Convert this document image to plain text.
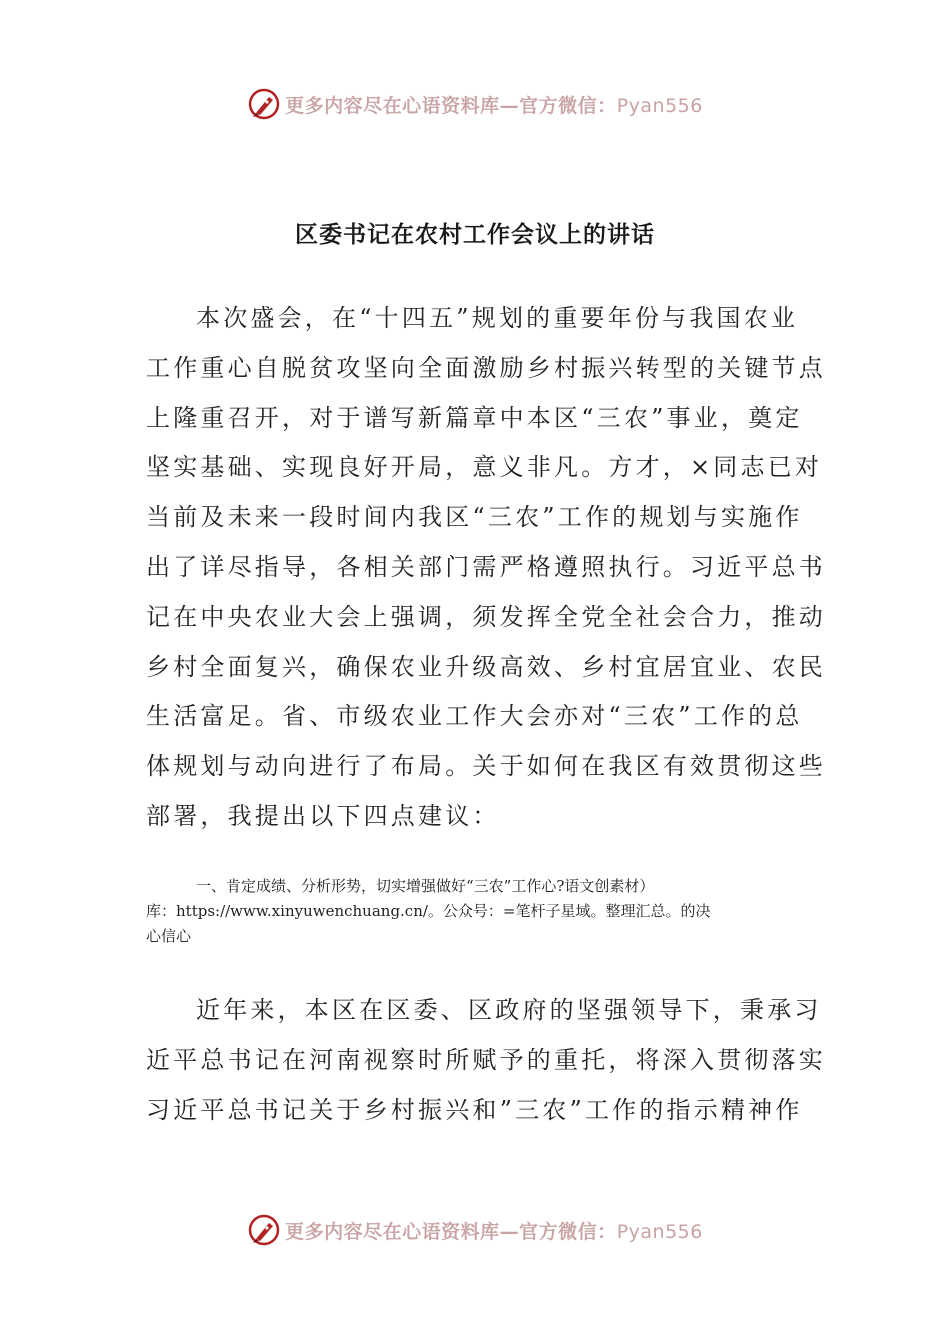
更多内容尽在心语资料库—官方微信：Pyan556
区委书记在农村工作会议上的讲话
本次盛会，在“十四五”规划的重要年份与我国农业
工作重心自脱贫攻坚向全面激励乡村振兴转型的关键节点
上隆重召开，对于谱写新篇章中本区“三农”事业，奠定
坚实基础、实现良好开局，意义非凡。方才，×同志已对
当前及未来一段时间内我区“三农”工作的规划与实施作
出了详尽指导，各相关部门需严格遵照执行。习近平总书
记在中央农业大会上强调，须发挥全党全社会合力，推动
乡村全面复兴，确保农业升级高效、乡村宜居宜业、农民
生活富足。省、市级农业工作大会亦对“三农”工作的总
体规划与动向进行了布局。关于如何在我区有效贯彻这些
部署，我提出以下四点建议：
一、肯定成绩、分析形势，切实增强做好“三农”工作心?语文创素材）
库：https://www.xinyuwenchuang.cn/。公众号：=笔杆子星域。整理汇总。的决
心信心
近年来，本区在区委、区政府的坚强领导下，秉承习
近平总书记在河南视察时所赋予的重托，将深入贯彻落实
习近平总书记关于乡村振兴和”三农”工作的指示精神作
更多内容尽在心语资料库—官方微信：Pyan556
